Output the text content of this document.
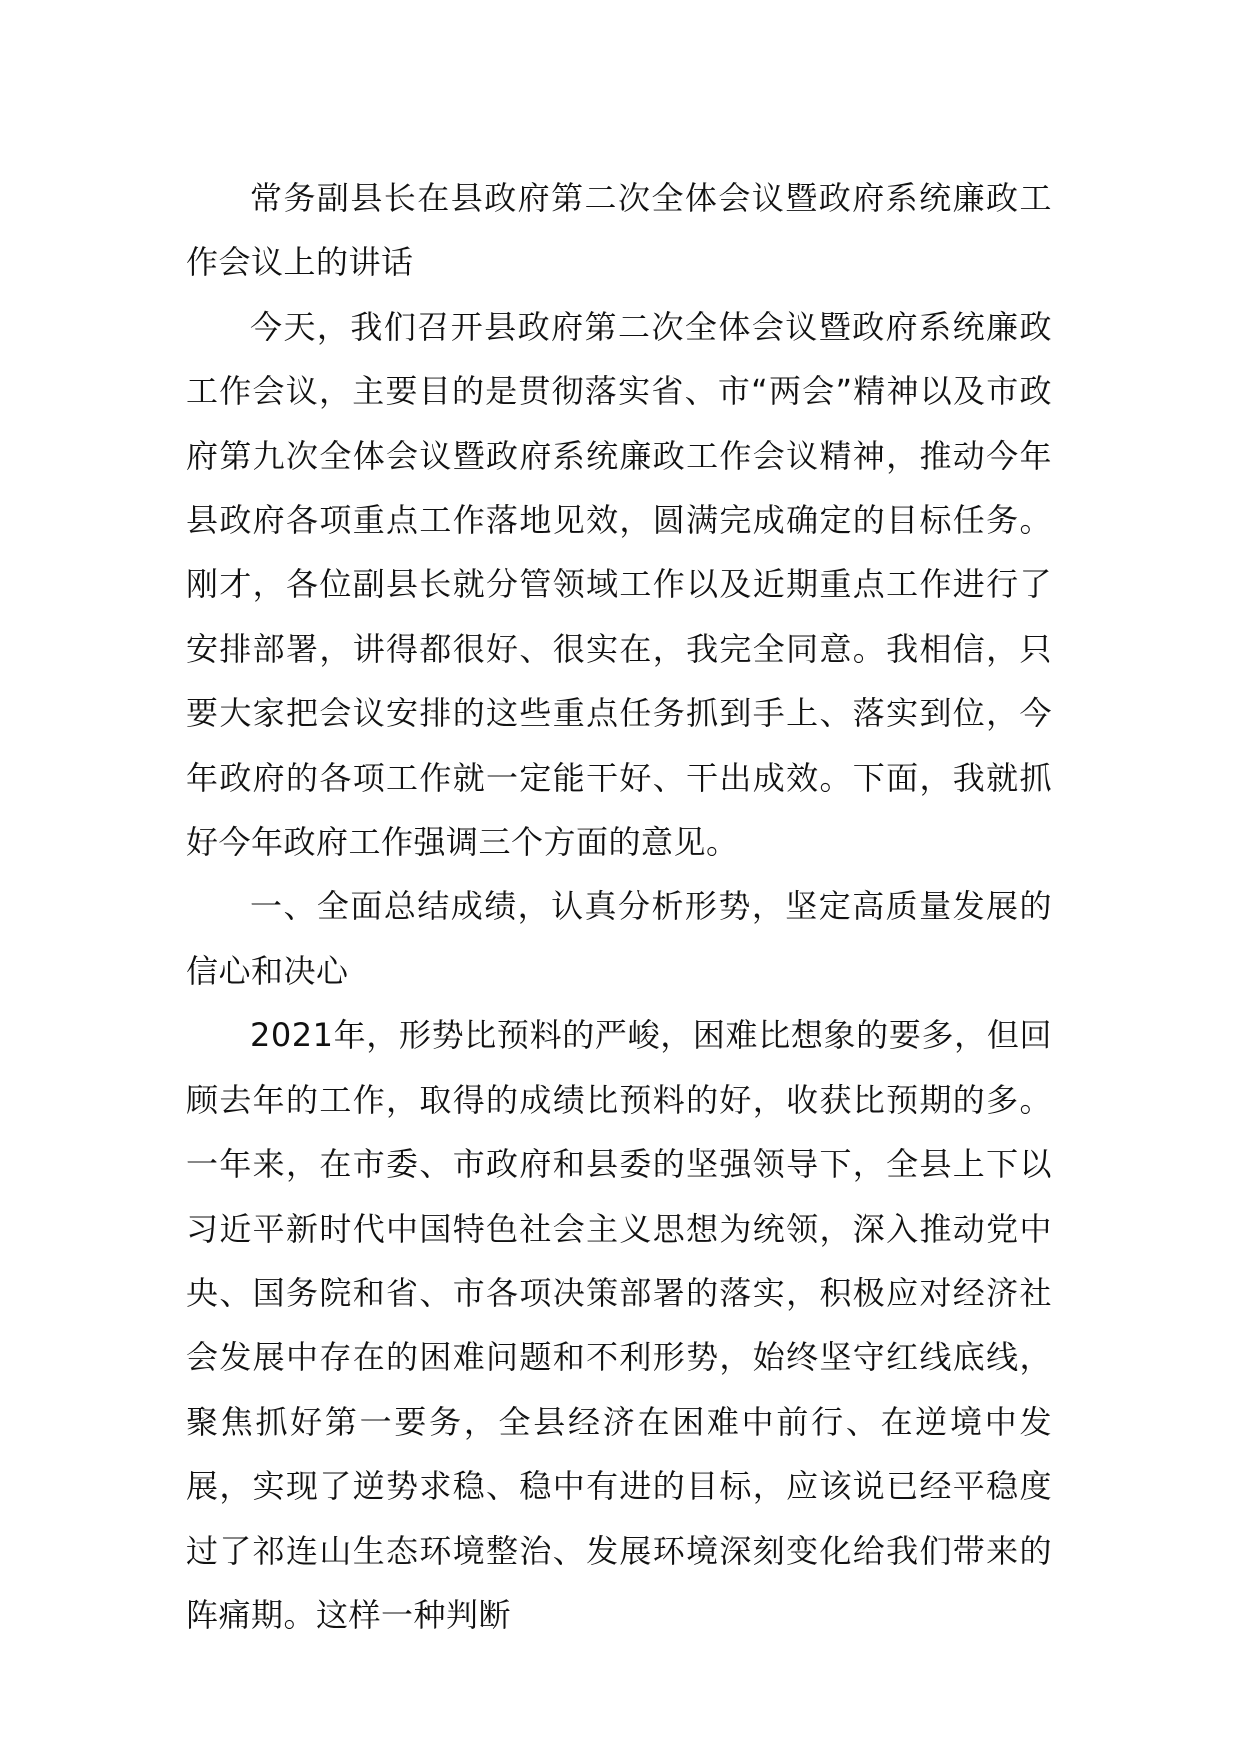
常务副县长在县政府第二次全体会议暨政府系统廉政工作会议上的讲话

今天，我们召开县政府第二次全体会议暨政府系统廉政工作会议，主要目的是贯彻落实省、市“两会”精神以及市政府第九次全体会议暨政府系统廉政工作会议精神，推动今年县政府各项重点工作落地见效，圆满完成确定的目标任务。刚才，各位副县长就分管领域工作以及近期重点工作进行了安排部署，讲得都很好、很实在，我完全同意。我相信，只要大家把会议安排的这些重点任务抓到手上、落实到位，今年政府的各项工作就一定能干好、干出成效。下面，我就抓好今年政府工作强调三个方面的意见。

一、全面总结成绩，认真分析形势，坚定高质量发展的信心和决心

2021年，形势比预料的严峻，困难比想象的要多，但回顾去年的工作，取得的成绩比预料的好，收获比预期的多。一年来，在市委、市政府和县委的坚强领导下，全县上下以习近平新时代中国特色社会主义思想为统领，深入推动党中央、国务院和省、市各项决策部署的落实，积极应对经济社会发展中存在的困难问题和不利形势，始终坚守红线底线，聚焦抓好第一要务，全县经济在困难中前行、在逆境中发展，实现了逆势求稳、稳中有进的目标，应该说已经平稳度过了祁连山生态环境整治、发展环境深刻变化给我们带来的阵痛期。这样一种判断
